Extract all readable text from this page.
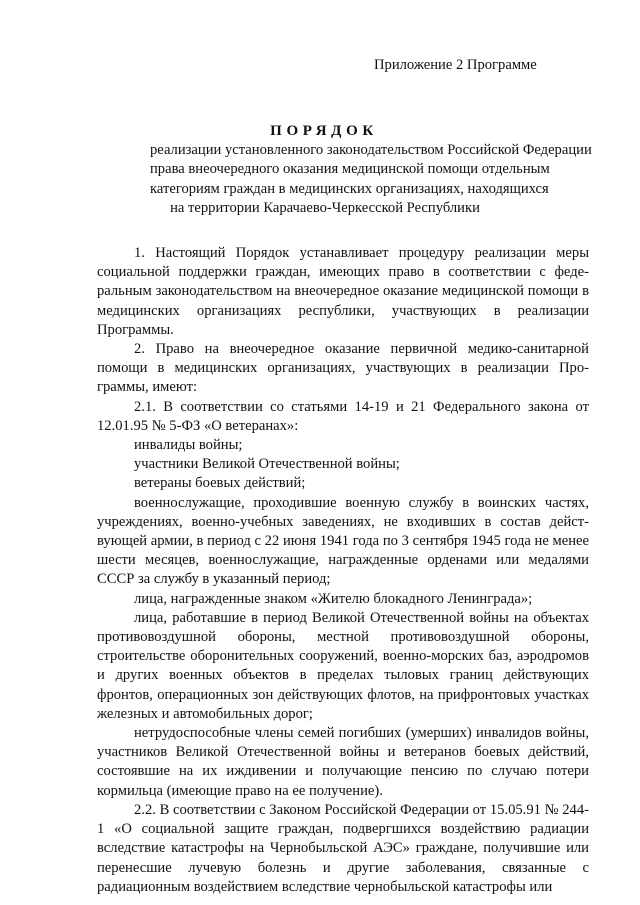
Приложение 2 Программе
ПОРЯДОК
реализации установленного законодательством Российской Федерации
права внеочередного оказания медицинской помощи отдельным
категориям граждан в медицинских организациях, находящихся
на территории Карачаево-Черкесской Республики

1. Настоящий Порядок устанавливает процедуру реализации меры социальной поддержки граждан, имеющих право в соответствии с федеральным законодательством на внеочередное оказание медицинской помощи в медицинских организациях республики, участвующих в реализации Программы.

2. Право на внеочередное оказание первичной медико-санитарной помощи в медицинских организациях, участвующих в реализации Программы, имеют:

2.1. В соответствии со статьями 14-19 и 21 Федерального закона от 12.01.95 № 5-ФЗ «О ветеранах»:

инвалиды войны;

участники Великой Отечественной войны;

ветераны боевых действий;

военнослужащие, проходившие военную службу в воинских частях, учреждениях, военно-учебных заведениях, не входивших в состав действующей армии, в период с 22 июня 1941 года по 3 сентября 1945 года не менее шести месяцев, военнослужащие, награжденные орденами или медалями СССР за службу в указанный период;

лица, награжденные знаком «Жителю блокадного Ленинграда»;

лица, работавшие в период Великой Отечественной войны на объектах противовоздушной обороны, местной противовоздушной обороны, строительстве оборонительных сооружений, военно-морских баз, аэродромов и других военных объектов в пределах тыловых границ действующих фронтов, операционных зон действующих флотов, на прифронтовых участках железных и автомобильных дорог;

нетрудоспособные члены семей погибших (умерших) инвалидов войны, участников Великой Отечественной войны и ветеранов боевых действий, состоявшие на их иждивении и получающие пенсию по случаю потери кормильца (имеющие право на ее получение).

2.2. В соответствии с Законом Российской Федерации от 15.05.91 № 244-1 «О социальной защите граждан, подвергшихся воздействию радиации вследствие катастрофы на Чернобыльской АЭС» граждане, получившие или перенесшие лучевую болезнь и другие заболевания, связанные с радиационным воздействием вследствие чернобыльской катастрофы или
